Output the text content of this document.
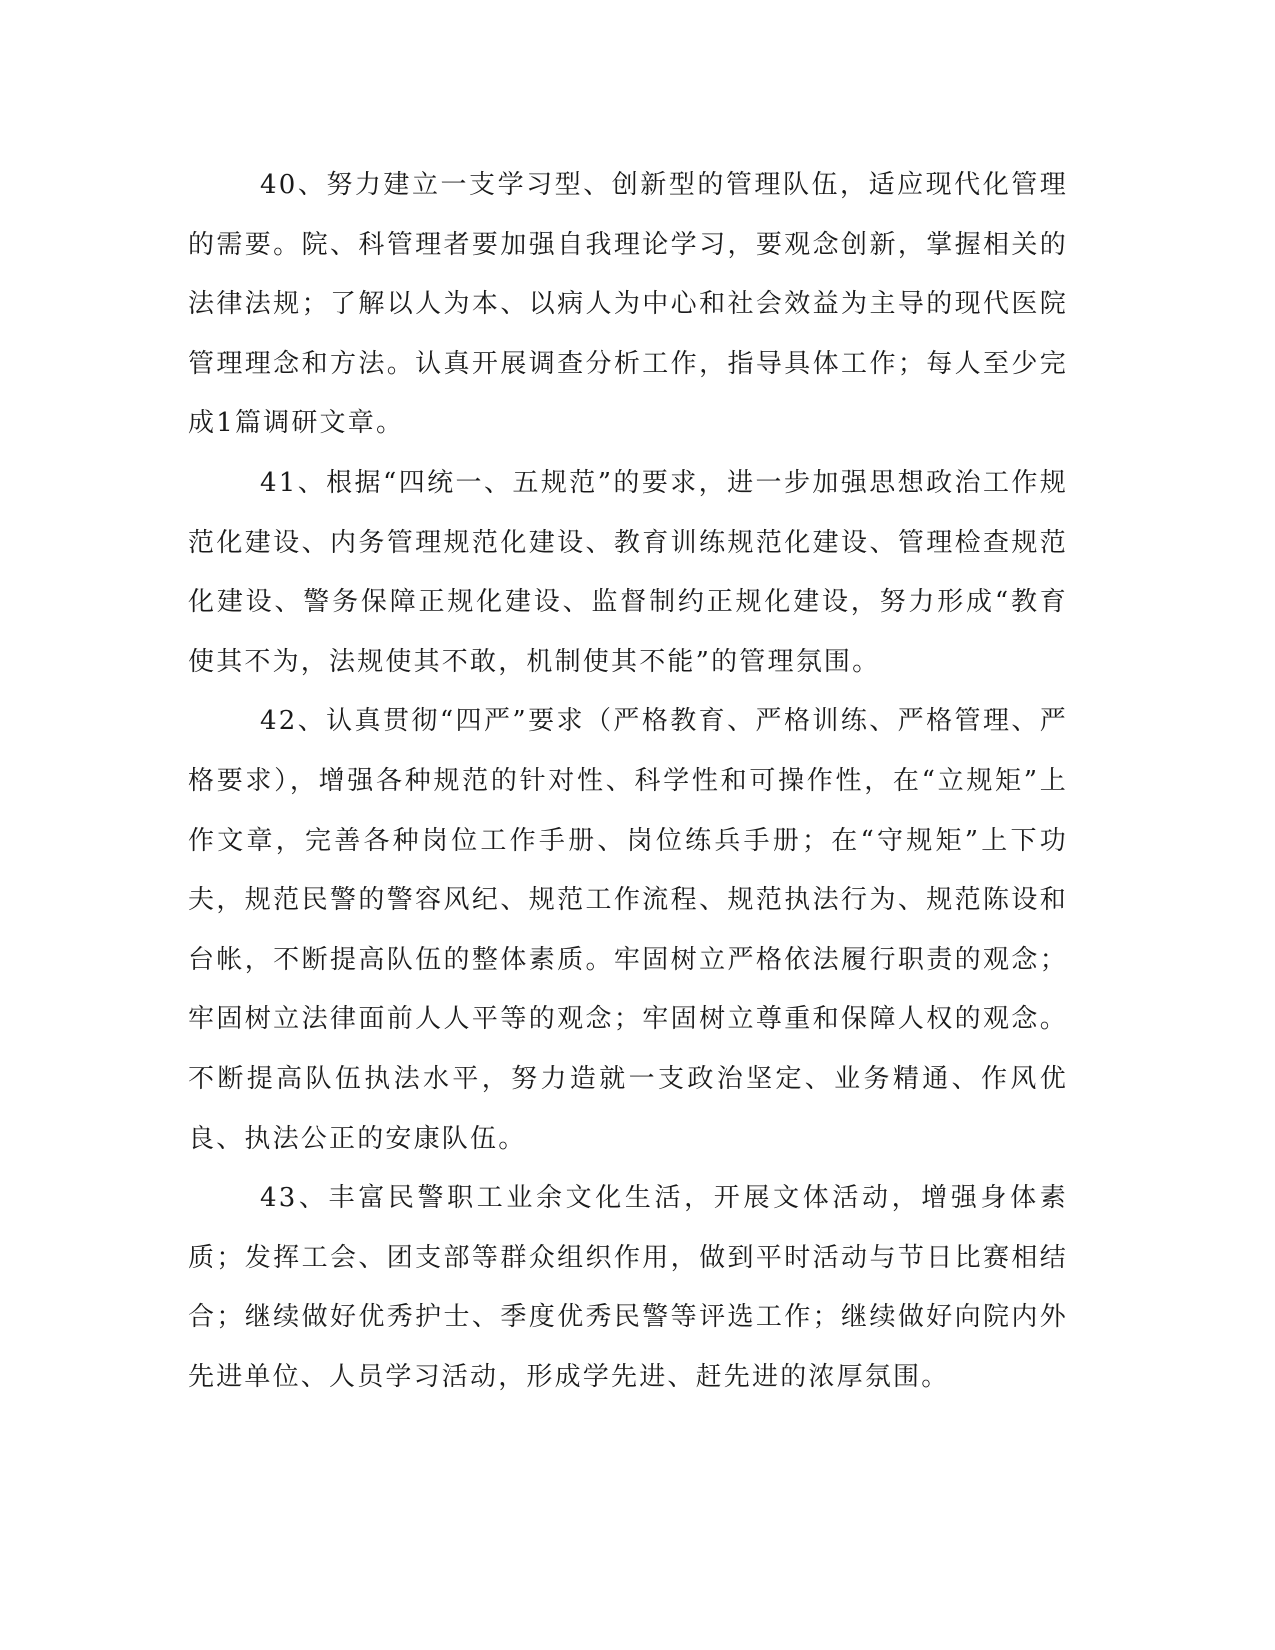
40、努力建立一支学习型、创新型的管理队伍，适应现代化管理的需要。院、科管理者要加强自我理论学习，要观念创新，掌握相关的法律法规；了解以人为本、以病人为中心和社会效益为主导的现代医院管理理念和方法。认真开展调查分析工作，指导具体工作；每人至少完成1篇调研文章。

41、根据“四统一、五规范”的要求，进一步加强思想政治工作规范化建设、内务管理规范化建设、教育训练规范化建设、管理检查规范化建设、警务保障正规化建设、监督制约正规化建设，努力形成“教育使其不为，法规使其不敢，机制使其不能”的管理氛围。

42、认真贯彻“四严”要求（严格教育、严格训练、严格管理、严格要求），增强各种规范的针对性、科学性和可操作性，在“立规矩”上作文章，完善各种岗位工作手册、岗位练兵手册；在“守规矩”上下功夫，规范民警的警容风纪、规范工作流程、规范执法行为、规范陈设和台帐，不断提高队伍的整体素质。牢固树立严格依法履行职责的观念；牢固树立法律面前人人平等的观念；牢固树立尊重和保障人权的观念。不断提高队伍执法水平，努力造就一支政治坚定、业务精通、作风优良、执法公正的安康队伍。

43、丰富民警职工业余文化生活，开展文体活动，增强身体素质；发挥工会、团支部等群众组织作用，做到平时活动与节日比赛相结合；继续做好优秀护士、季度优秀民警等评选工作；继续做好向院内外先进单位、人员学习活动，形成学先进、赶先进的浓厚氛围。
